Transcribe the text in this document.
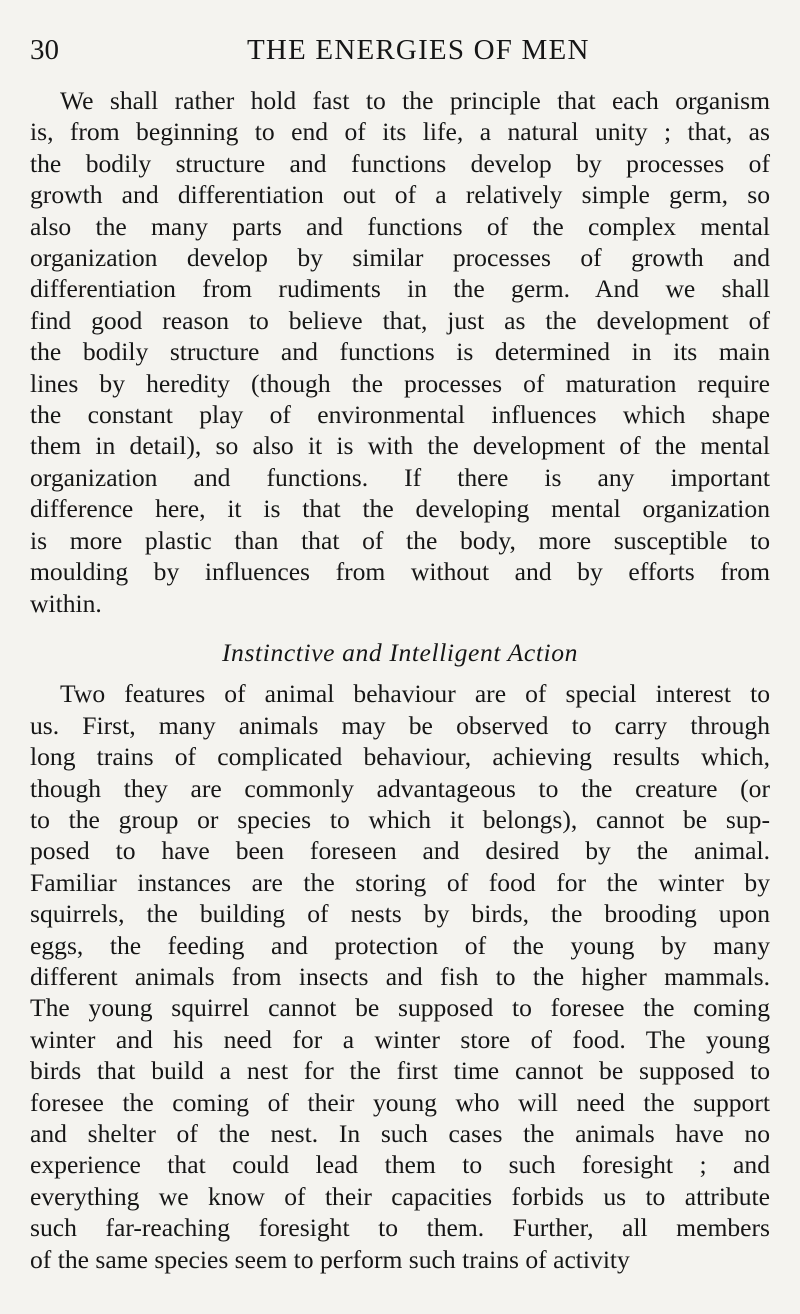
30	THE ENERGIES OF MEN
We shall rather hold fast to the principle that each organism
is, from beginning to end of its life, a natural unity ; that, as
the bodily structure and functions develop by processes of
growth and differentiation out of a relatively simple germ, so
also the many parts and functions of the complex mental
organization develop by similar processes of growth and
differentiation from rudiments in the germ. And we shall
find good reason to believe that, just as the development of
the bodily structure and functions is determined in its main
lines by heredity (though the processes of maturation require
the constant play of environmental influences which shape
them in detail), so also it is with the development of the mental
organization and functions. If there is any important
difference here, it is that the developing mental organization
is more plastic than that of the body, more susceptible to
moulding by influences from without and by efforts from
within.
Instinctive and Intelligent Action
Two features of animal behaviour are of special interest to
us. First, many animals may be observed to carry through
long trains of complicated behaviour, achieving results which,
though they are commonly advantageous to the creature (or
to the group or species to which it belongs), cannot be sup-
posed to have been foreseen and desired by the animal.
Familiar instances are the storing of food for the winter by
squirrels, the building of nests by birds, the brooding upon
eggs, the feeding and protection of the young by many
different animals from insects and fish to the higher mammals.
The young squirrel cannot be supposed to foresee the coming
winter and his need for a winter store of food. The young
birds that build a nest for the first time cannot be supposed to
foresee the coming of their young who will need the support
and shelter of the nest. In such cases the animals have no
experience that could lead them to such foresight ; and
everything we know of their capacities forbids us to attribute
such far-reaching foresight to them. Further, all members
of the same species seem to perform such trains of activity
